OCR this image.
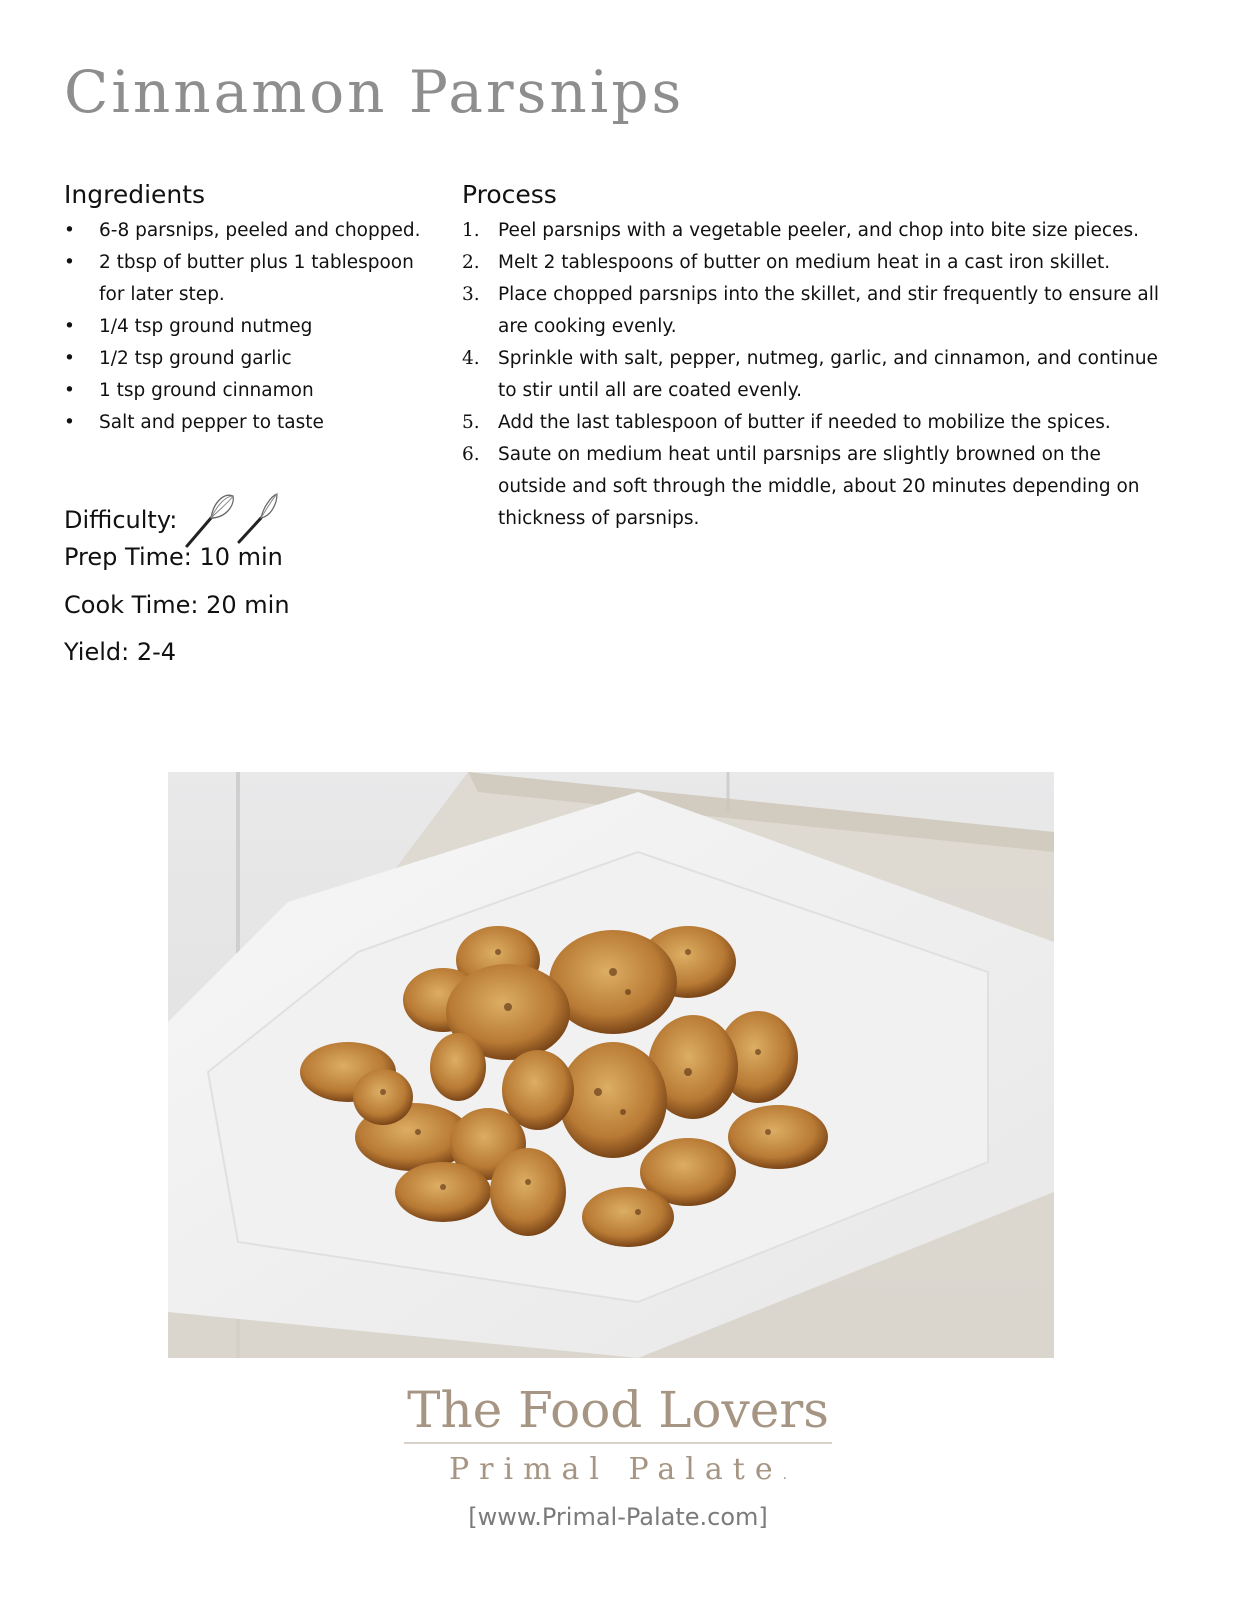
Cinnamon Parsnips
Ingredients
• 6-8 parsnips, peeled and chopped.
• 2 tbsp of butter plus 1 tablespoon for later step.
• 1/4 tsp ground nutmeg
• 1/2 tsp ground garlic
• 1 tsp ground cinnamon
• Salt and pepper to taste
Process
1. Peel parsnips with a vegetable peeler, and chop into bite size pieces.
2. Melt 2 tablespoons of butter on medium heat in a cast iron skillet.
3. Place chopped parsnips into the skillet, and stir frequently to ensure all are cooking evenly.
4. Sprinkle with salt, pepper, nutmeg, garlic, and cinnamon, and continue to stir until all are coated evenly.
5. Add the last tablespoon of butter if needed to mobilize the spices.
6. Saute on medium heat until parsnips are slightly browned on the outside and soft through the middle, about 20 minutes depending on thickness of parsnips.
Difficulty:
Prep Time: 10 min
Cook Time: 20 min
Yield: 2-4
The Food Lovers
Primal Palate.
[www.Primal-Palate.com]
